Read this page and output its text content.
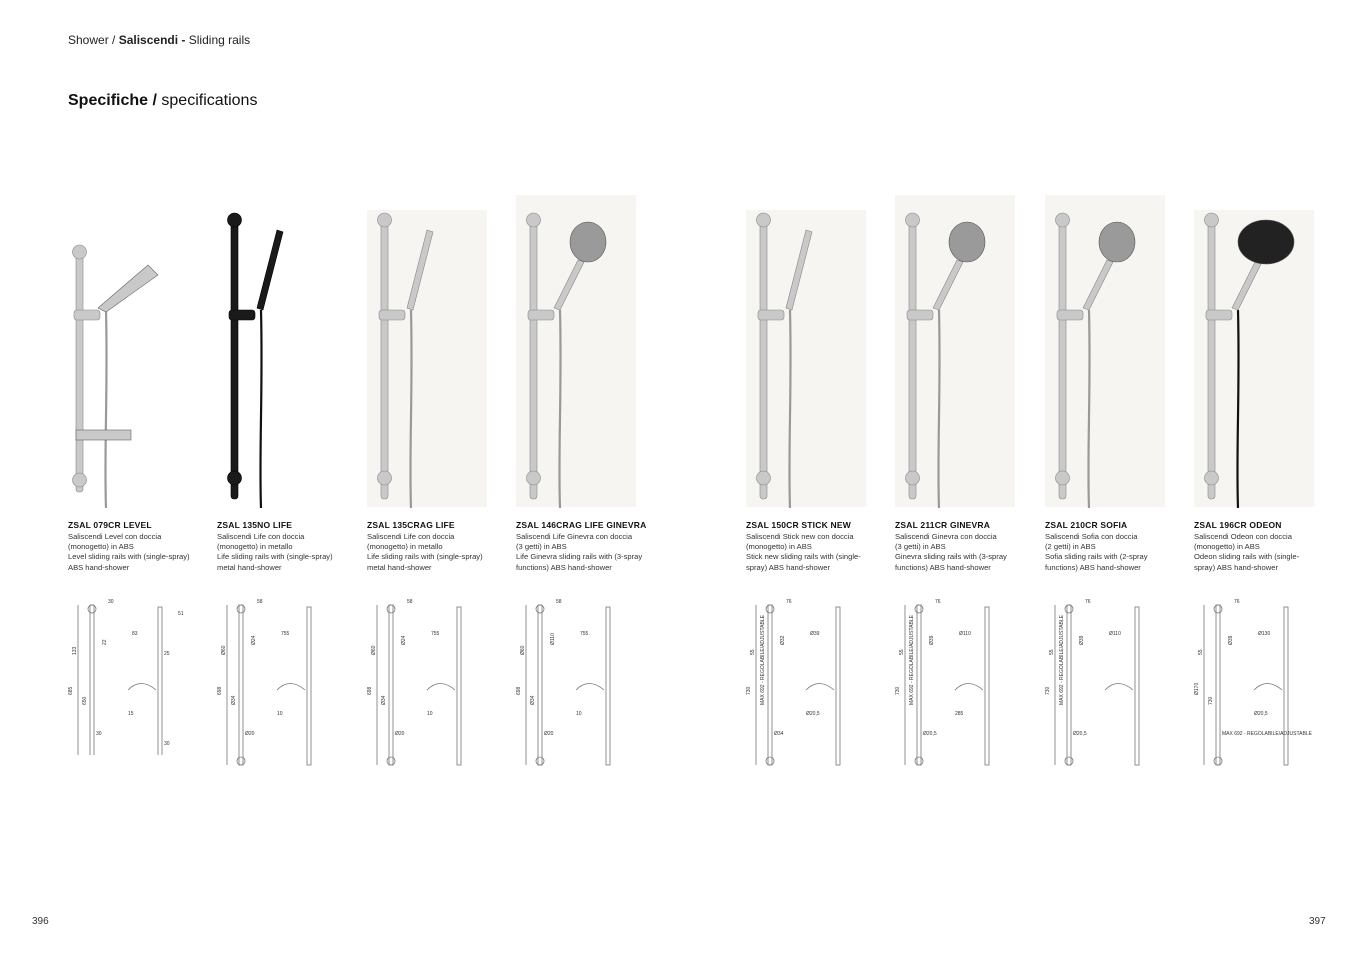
Shower / Saliscendi - Sliding rails
Specifiche / specifications
ZSAL 079CR LEVEL
Saliscendi Level con doccia
(monogetto) in ABS
Level sliding rails with (single-spray)
ABS hand-shower
30
133
22
83
685
650
30
15
25
30
51
ZSAL 135NO LIFE
Saliscendi Life con doccia
(monogetto) in metallo
Life sliding rails with (single-spray)
metal hand-shower
58
Ø60
Ø24
755
698
Ø34
Ø20
10
ZSAL 135CRAG LIFE
Saliscendi Life con doccia
(monogetto) in metallo
Life sliding rails with (single-spray)
metal hand-shower
58
Ø60
Ø24
755
698
Ø34
Ø20
10
ZSAL 146CRAG LIFE GINEVRA
Saliscendi Life Ginevra con doccia
(3 getti) in ABS
Life Ginevra sliding rails with (3-spray
functions) ABS hand-shower
58
Ø60
Ø110	755
698
Ø34
Ø20
10
ZSAL 150CR STICK NEW
Saliscendi Stick new con doccia
(monogetto) in ABS
Stick new sliding rails with (single-
spray) ABS hand-shower
76
55
Ø32
Ø39
730 MAX 692 - REGOLABILE/ADJUSTABLE
Ø34
Ø20,5
ZSAL 211CR GINEVRA
Saliscendi Ginevra con doccia
(3 getti) in ABS
Ginevra sliding rails with (3-spray
functions) ABS hand-shower
76
55
Ø39
Ø110
730 MAX 692 - REGOLABILE/ADJUSTABLE
Ø20,5
285
ZSAL 210CR SOFIA
Saliscendi Sofia con doccia
(2 getti) in ABS
Sofia sliding rails with (2-spray
functions) ABS hand-shower
76
55
Ø39
Ø110
730 MAX 692 - REGOLABILE/ADJUSTABLE
Ø20,5
ZSAL 196CR ODEON
Saliscendi Odeon con doccia
(monogetto) in ABS
Odeon sliding rails with (single-
spray) ABS hand-shower
76
55
Ø39
Ø130
Ø170
730
MAX 692 - REGOLABILE/ADJUSTABLE
Ø20,5
396	397
